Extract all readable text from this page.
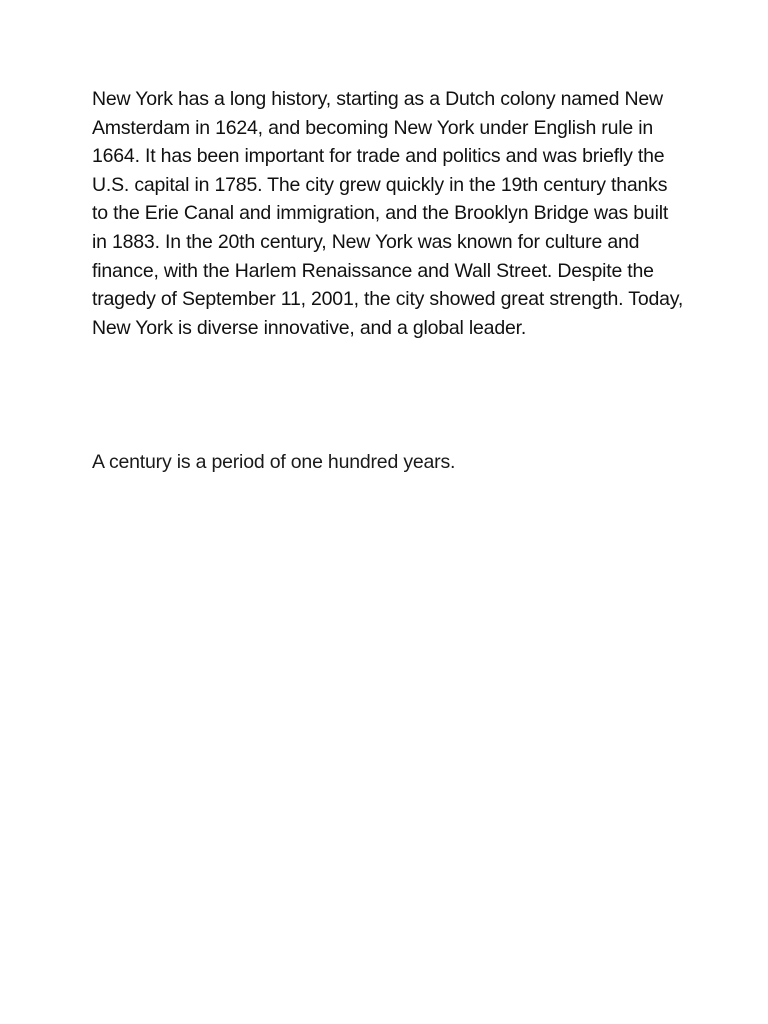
New York has a long history, starting as a Dutch colony named New Amsterdam in 1624, and becoming New York under English rule in 1664. It has been important for trade and politics and was briefly the U.S. capital in 1785. The city grew quickly in the 19th century thanks to the Erie Canal and immigration, and the Brooklyn Bridge was built in 1883. In the 20th century, New York was known for culture and finance, with the Harlem Renaissance and Wall Street. Despite the tragedy of September 11, 2001, the city showed great strength. Today, New York is diverse innovative, and a global leader.

A century is a period of one hundred years.
